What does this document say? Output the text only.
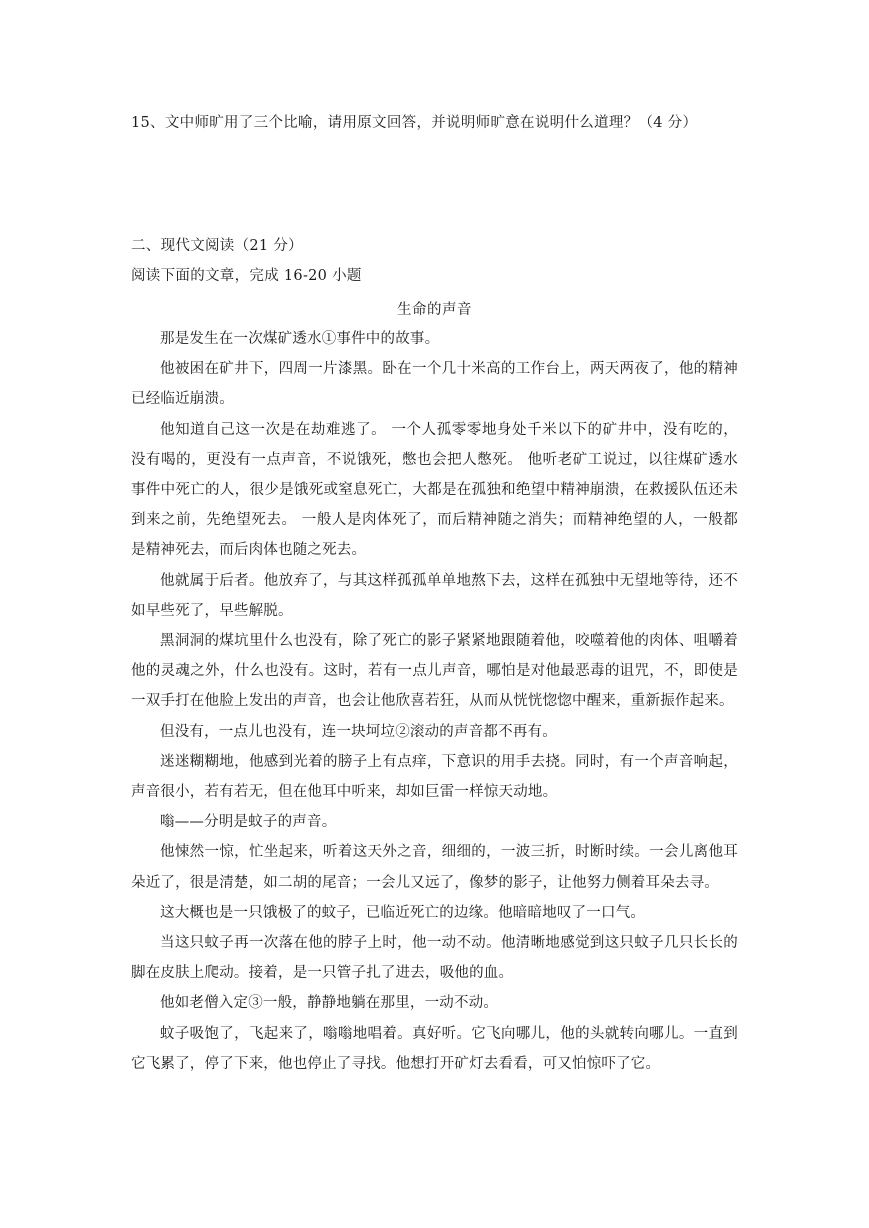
15、文中师旷用了三个比喻，请用原文回答，并说明师旷意在说明什么道理？（4 分）
二、现代文阅读（21 分）
阅读下面的文章，完成 16-20 小题
生命的声音

那是发生在一次煤矿透水①事件中的故事。

他被困在矿井下，四周一片漆黑。卧在一个几十米高的工作台上，两天两夜了，他的精神已经临近崩溃。

他知道自己这一次是在劫难逃了。 一个人孤零零地身处千米以下的矿井中，没有吃的，没有喝的，更没有一点声音，不说饿死，憋也会把人憋死。 他听老矿工说过，以往煤矿透水事件中死亡的人，很少是饿死或窒息死亡，大都是在孤独和绝望中精神崩溃，在救援队伍还未到来之前，先绝望死去。 一般人是肉体死了，而后精神随之消失；而精神绝望的人，一般都是精神死去，而后肉体也随之死去。

他就属于后者。他放弃了，与其这样孤孤单单地熬下去，这样在孤独中无望地等待，还不如早些死了，早些解脱。

黑洞洞的煤坑里什么也没有，除了死亡的影子紧紧地跟随着他，咬噬着他的肉体、咀嚼着他的灵魂之外，什么也没有。这时，若有一点儿声音，哪怕是对他最恶毒的诅咒，不，即使是一双手打在他脸上发出的声音，也会让他欣喜若狂，从而从恍恍惚惚中醒来，重新振作起来。

但没有，一点儿也没有，连一块坷垃②滚动的声音都不再有。

迷迷糊糊地，他感到光着的膀子上有点痒，下意识的用手去挠。同时，有一个声音响起，声音很小，若有若无，但在他耳中听来，却如巨雷一样惊天动地。

嗡——分明是蚊子的声音。

他悚然一惊，忙坐起来，听着这天外之音，细细的，一波三折，时断时续。一会儿离他耳朵近了，很是清楚，如二胡的尾音；一会儿又远了，像梦的影子，让他努力侧着耳朵去寻。

这大概也是一只饿极了的蚊子，已临近死亡的边缘。他暗暗地叹了一口气。

当这只蚊子再一次落在他的脖子上时，他一动不动。他清晰地感觉到这只蚊子几只长长的脚在皮肤上爬动。接着，是一只管子扎了进去，吸他的血。

他如老僧入定③一般，静静地躺在那里，一动不动。

蚊子吸饱了，飞起来了，嗡嗡地唱着。真好听。它飞向哪儿，他的头就转向哪儿。一直到它飞累了，停了下来，他也停止了寻找。他想打开矿灯去看看，可又怕惊吓了它。
